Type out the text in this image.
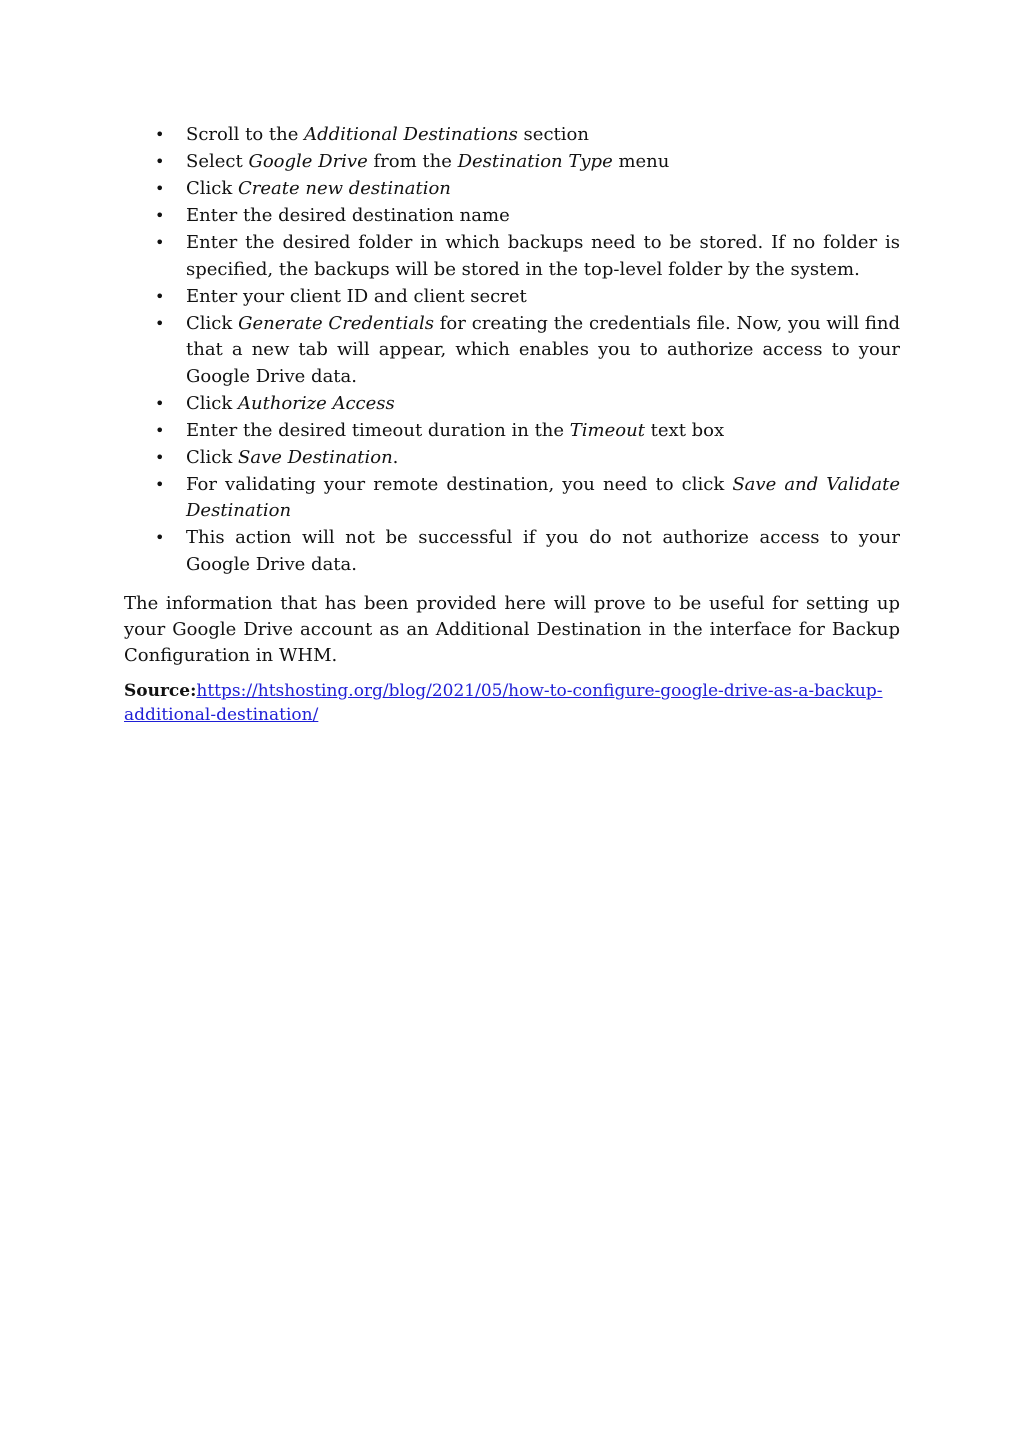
• Scroll to the Additional Destinations section
• Select Google Drive from the Destination Type menu
• Click Create new destination
• Enter the desired destination name
• Enter the desired folder in which backups need to be stored. If no folder is specified, the backups will be stored in the top-level folder by the system.
• Enter your client ID and client secret
• Click Generate Credentials for creating the credentials file. Now, you will find that a new tab will appear, which enables you to authorize access to your Google Drive data.
• Click Authorize Access
• Enter the desired timeout duration in the Timeout text box
• Click Save Destination.
• For validating your remote destination, you need to click Save and Validate Destination
• This action will not be successful if you do not authorize access to your Google Drive data.

The information that has been provided here will prove to be useful for setting up your Google Drive account as an Additional Destination in the interface for Backup Configuration in WHM.

Source:https://htshosting.org/blog/2021/05/how-to-configure-google-drive-as-a-backup-additional-destination/
